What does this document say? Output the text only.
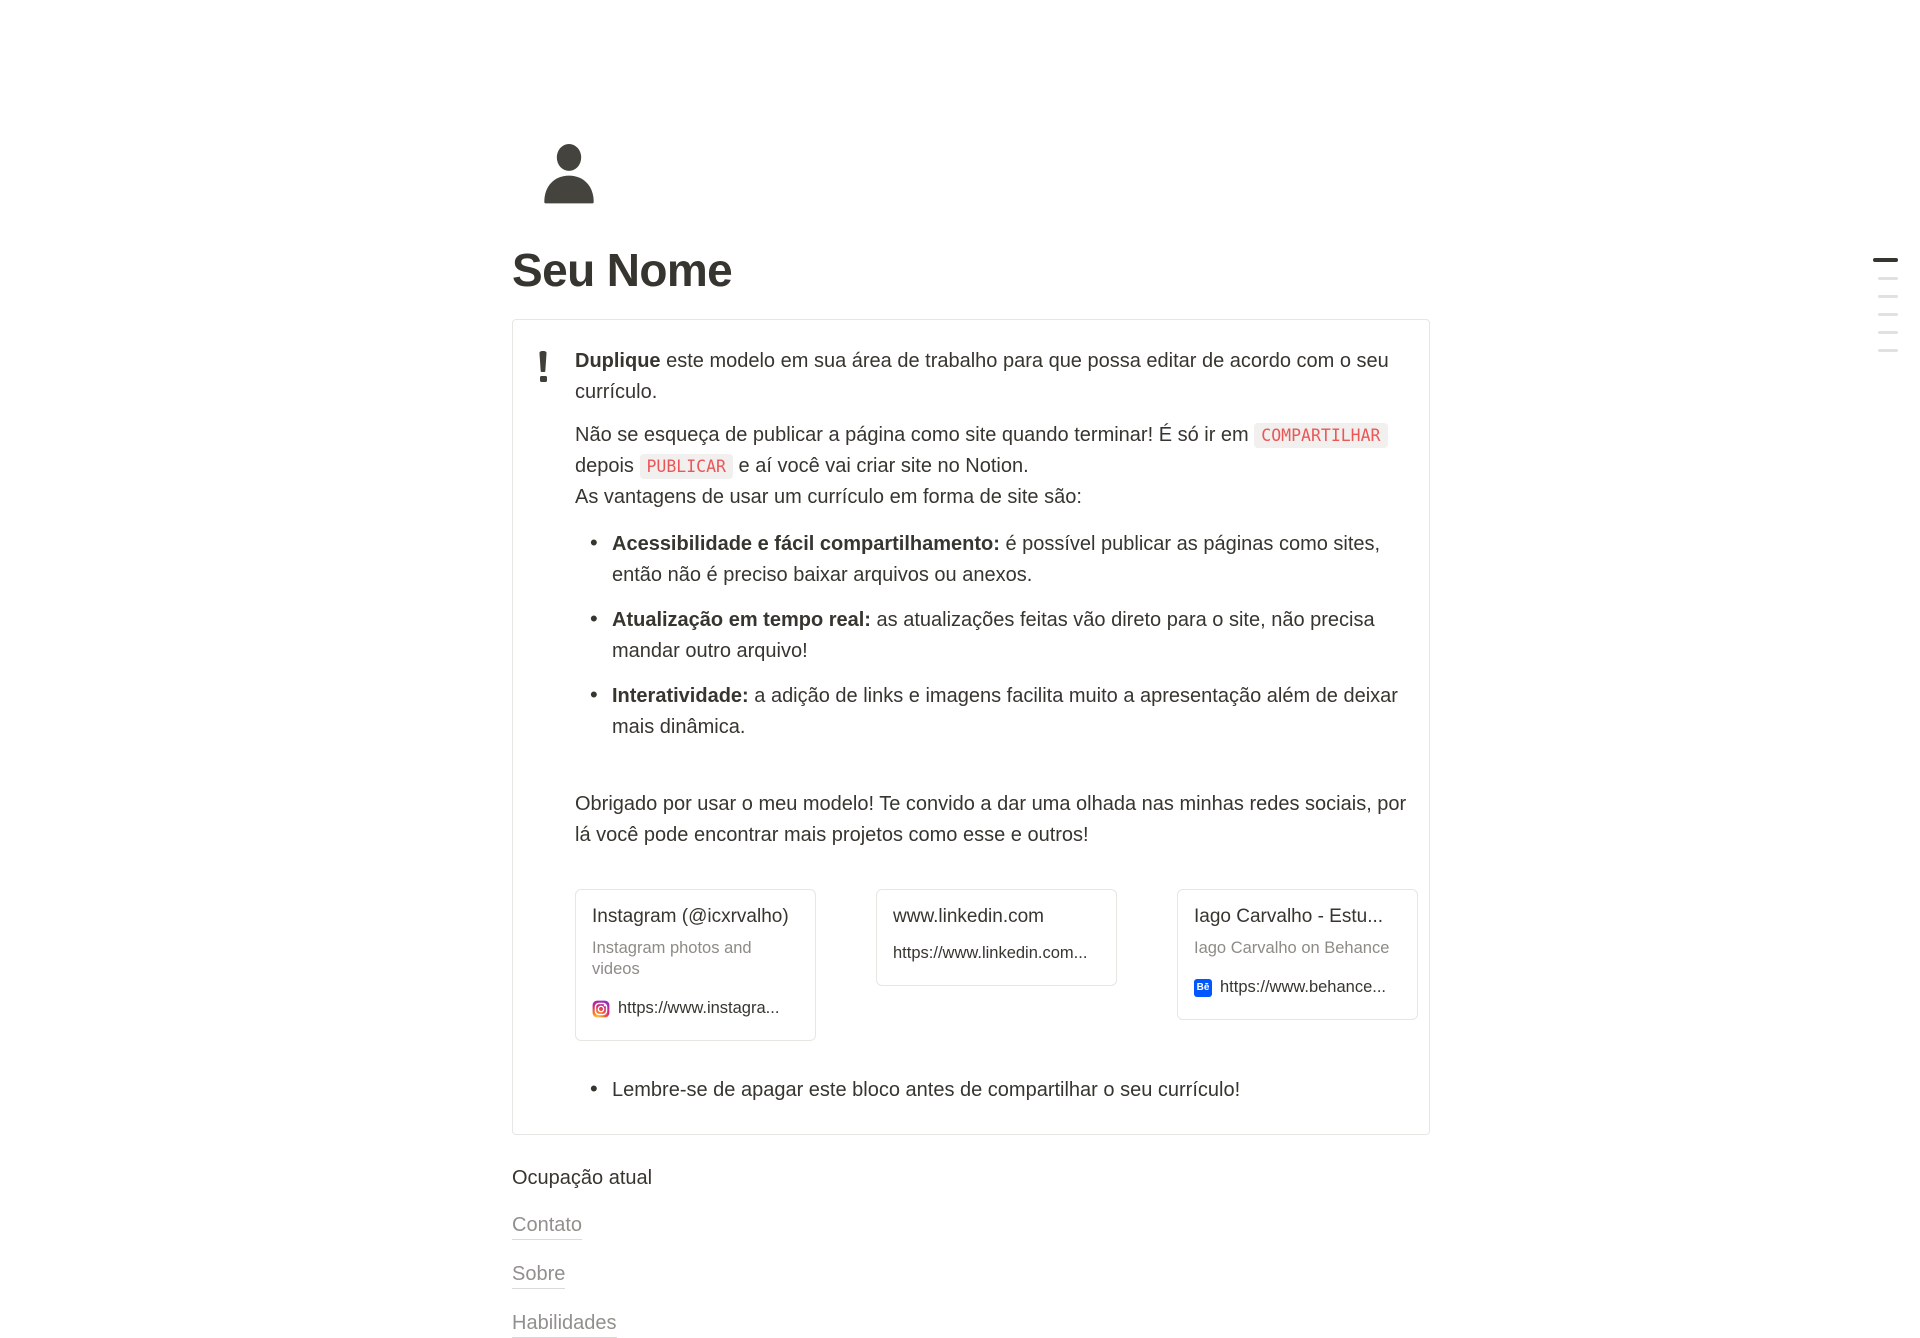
Seu Nome

Duplique este modelo em sua área de trabalho para que possa editar de acordo com o seu currículo.

Não se esqueça de publicar a página como site quando terminar! É só ir em COMPARTILHAR
depois PUBLICAR e aí você vai criar site no Notion.
As vantagens de usar um currículo em forma de site são:

• Acessibilidade e fácil compartilhamento: é possível publicar as páginas como sites, então não é preciso baixar arquivos ou anexos.
• Atualização em tempo real: as atualizações feitas vão direto para o site, não precisa mandar outro arquivo!
• Interatividade: a adição de links e imagens facilita muito a apresentação além de deixar mais dinâmica.

Obrigado por usar o meu modelo! Te convido a dar uma olhada nas minhas redes sociais, por lá você pode encontrar mais projetos como esse e outros!

Instagram (@icxrvalho)
Instagram photos and videos
https://www.instagra...
www.linkedin.com
https://www.linkedin.com...
Iago Carvalho - Estu...
Iago Carvalho on Behance
Bē https://www.behance...
• Lembre-se de apagar este bloco antes de compartilhar o seu currículo!
Ocupação atual
Contato
Sobre
Habilidades
